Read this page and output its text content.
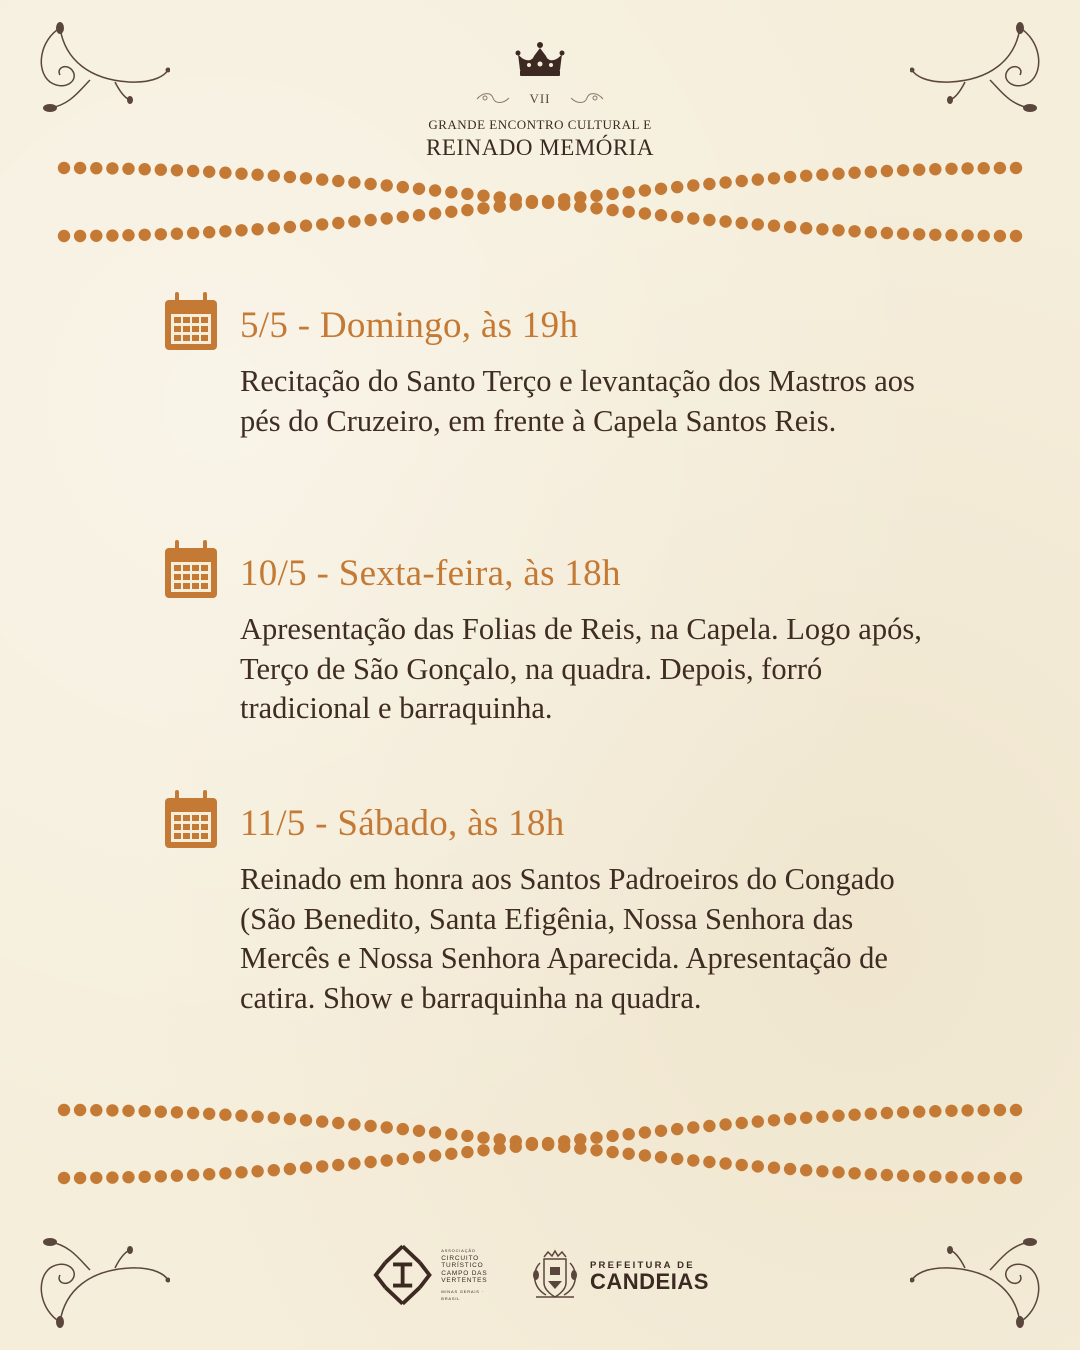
VII
GRANDE ENCONTRO CULTURAL E
REINADO MEMÓRIA
5/5 - Domingo, às 19h

Recitação do Santo Terço e levantação dos Mastros aos pés do Cruzeiro, em frente à Capela Santos Reis.

10/5 - Sexta-feira, às 18h

Apresentação das Folias de Reis, na Capela. Logo após, Terço de São Gonçalo, na quadra. Depois, forró tradicional e barraquinha.

11/5 - Sábado, às 18h

Reinado em honra aos Santos Padroeiros do Congado (São Benedito, Santa Efigênia, Nossa Senhora das Mercês e Nossa Senhora Aparecida. Apresentação de catira. Show e barraquinha na quadra.

ASSOCIAÇÃO
CIRCUITO
TURÍSTICO
CAMPO DAS
VERTENTES
MINAS GERAIS · BRASIL
PREFEITURA DE
CANDEIAS
